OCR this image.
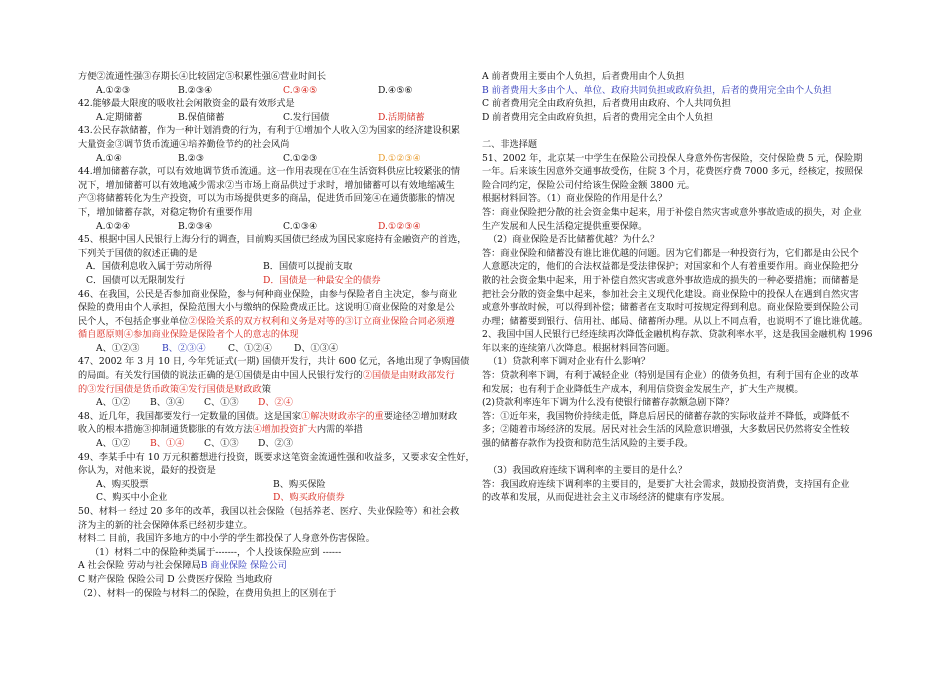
方便②流通性强③存期长④比较固定⑤积累性强⑥营业时间长
A.①②③	B.②③④	C.③④⑤	D.④⑤⑥
42.能够最大限度的吸收社会闲散资金的最有效形式是
A.定期储蓄	B.保值储蓄	C.发行国债	D.活期储蓄
43.公民存款储蓄，作为一种计划消费的行为，有利于①增加个人收入②为国家的经济建设积累
大量资金③调节货币流通④培养勤俭节约的社会风尚
A.①④	B.②③	C.①②③	D.①②③④
44.增加储蓄存款，可以有效地调节货币流通。这一作用表现在①在生活资料供应比较紧张的情
况下，增加储蓄可以有效地减少需求②当市场上商品供过于求时，增加储蓄可以有效地缩减生
产③将储蓄转化为生产投资，可以为市场提供更多的商品，促进货币回笼④在通货膨胀的情况
下，增加储蓄存款，对稳定物价有重要作用
A.①②④	B.②③④	C.①③④	D.①②③④
45、根据中国人民银行上海分行的调查，目前购买国债已经成为国民家庭持有金融资产的首选，
下列关于国债的叙述正确的是
A．国债利息收入属于劳动所得	B．国债可以提前支取
C．国债可以无限制发行	D．国债是一种最安全的债券
46、在我国，公民是否参加商业保险，参与何种商业保险，由参与保险者自主决定，参与商业
保险的费用由个人承担，保险范围大小与缴纳的保险费成正比。这说明①商业保险的对象是公
民个人，不包括企事业单位 ②保险关系的双方权利和义务是对等的③订立商业保险合同必须遵
循自愿原则④参加商业保险是保险者个人的意志的体现
A、①②③ B、②③④ C、①②④ D、①③④
47、2002 年 3 月 10 日, 今年凭证式(一期) 国债开发行，共计 600 亿元，各地出现了争购国债
的局面。有关发行国债的说法正确的是①国债是由中国人民银行发行的 ②国债是由财政部发行
的③发行国债是货币政策④发行国债是财政政 策
A、①② B、③④ C、①③ D、②④
48、近几年，我国都要发行一定数量的国债。这是国家 ①解决财政赤字的重 要途径②增加财政
收入的根本措施③抑制通货膨胀的有效方法 ④增加投资扩大 内需的举措
A、①② B、①④ C、①③ D、②③
49、李某手中有 10 万元积蓄想进行投资，既要求这笔资金流通性强和收益多，又要求安全性好，
你认为，对他来说，最好的投资是
A、购买股票	B、购买保险
C、购买中小企业	D、购买政府债券
50、材料一 经过 20 多年的改革，我国以社会保险（包括养老、医疗、失业保险等）和社会救
济为主的新的社会保障体系已经初步建立。
材料二 目前，我国许多地方的中小学的学生都投保了人身意外伤害保险。
（1）材料二中的保险种类属于-------，个人投该保险应到 ------
A 社会保险 劳动与社会保障局 B 商业保险 保险公司
C 财产保险 保险公司 D 公费医疗保险 当地政府
（2）、材料一的保险与材料二的保险，在费用负担上的区别在于
A 前者费用主要由个人负担，后者费用由个人负担
B 前者费用大多由个人、单位、政府共同负担或政府负担，后者的费用完全由个人负担
C 前者费用完全由政府负担，后者费用由政府、个人共同负担
D 前者费用完全由政府负担，后者的费用完全由个人负担
二、非选择题
51、2002 年，北京某一中学生在保险公司投保人身意外伤害保险，交付保险费 5 元，保险期
一年。后来该生因意外交通事故受伤，住院 3 个月，花费医疗费 7000 多元，经核定，按照保
险合同约定，保险公司付给该生保险金额 3800 元。
根据材料回答。（1）商业保险的作用是什么？
答：商业保险把分散的社会资金集中起来，用于补偿自然灾害或意外事故造成的损失，对 企业
生产发展和人民生活稳定提供重要保障。
（2）商业保险是否比储蓄优越？为什么？
答：商业保险和储蓄没有谁比谁优越的问题。因为它们都是一种投资行为，它们都是由公民个
人意愿决定的，他们的合法权益都是受法律保护；对国家和个人有着重要作用。商业保险把分
散的社会资金集中起来，用于补偿自然灾害或意外事故造成的损失的一种必要措施；而储蓄是
把社会分散的资金集中起来，参加社会主义现代化建设。商业保险中的投保人在遇到自然灾害
或意外事故时候，可以得到补偿；储蓄者在支取时可按规定得到利息。商业保险要到保险公司
办理；储蓄要到银行、信用社、邮局、储蓄所办理。从以上不同点看，也说明不了谁比谁优越。
2、我国中国人民银行已经连续再次降低金融机构存款、贷款利率水平，这是我国金融机构 1996
年以来的连续第八次降息。根据材料回答问题。
（1）贷款利率下调对企业有什么影响？
答：贷款利率下调，有利于减轻企业（特别是国有企业）的债务负担，有利于国有企业的改革
和发展；也有利于企业降低生产成本，利用信贷资金发展生产，扩大生产规模。
(2)贷款利率连年下调为什么没有使银行储蓄存款额急剧下降？
答：①近年来，我国物价持续走低，降息后居民的储蓄存款的实际收益并不降低，或降低不
多；②随着市场经济的发展。居民对社会生活的风险意识增强，大多数居民仍然将安全性较
强的储蓄存款作为投资和防范生活风险的主要手段。
（3）我国政府连续下调利率的主要目的是什么？
答：我国政府连续下调利率的主要目的，是要扩大社会需求，鼓励投资消费，支持国有企业
的改革和发展，从而促进社会主义市场经济的健康有序发展。
